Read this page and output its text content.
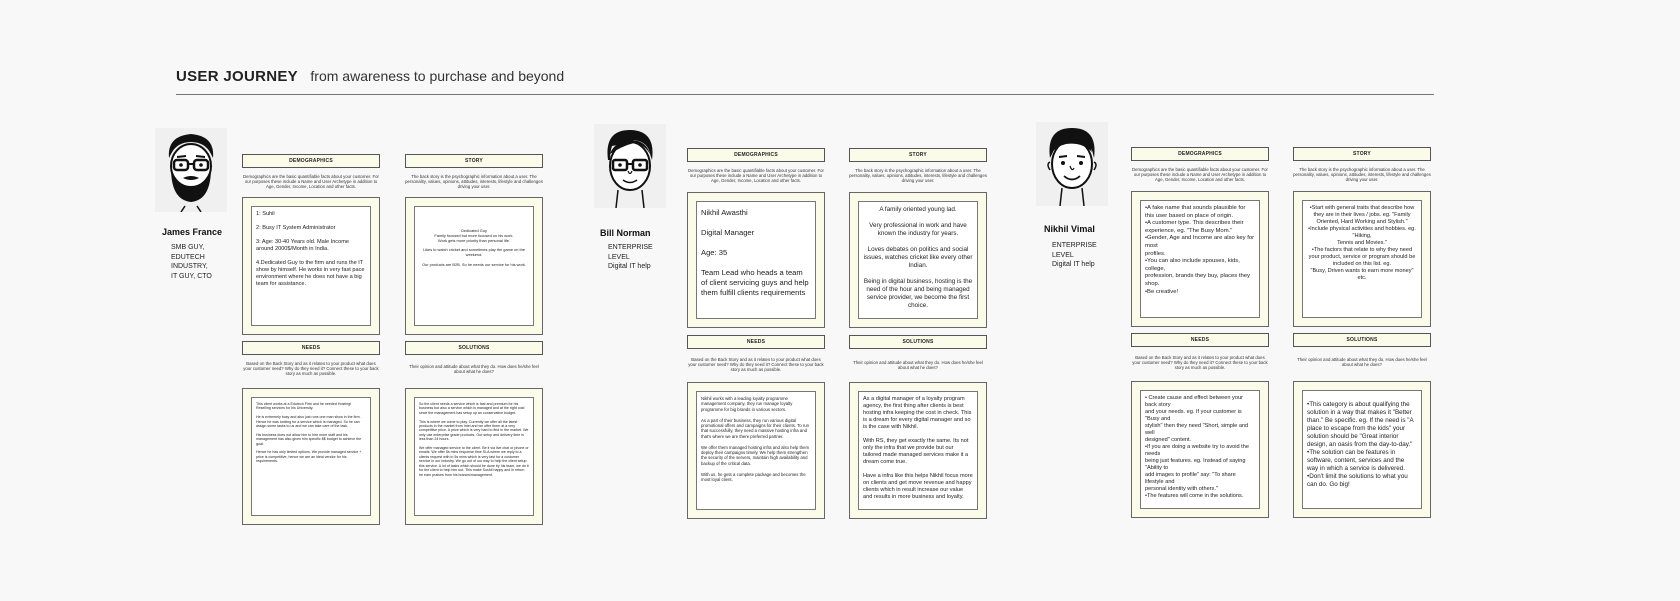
USER JOURNEY from awareness to purchase and beyond
James France
SMB GUY,
EDUTECH
INDUSTRY,
IT GUY, CTO
DEMOGRAPHICS
Demographics are the basic quantifiable facts about your customer. For our purposes these include a Name and User Archetype in addition to Age, Gender, Income, Location and other facts.
1: Suhil

2: Busy IT System Administrator

3: Age: 30-40 Years old. Male Income around 2000$/Month in India.

4.Dedicated Guy to the firm and runs the IT show by himself. He works in very fast pace environment where he does not have a big team for assistance.
STORY
The back story is the psychographic information about a user. The personality, values, opinions, attitudes, interests, lifestyle and challenges driving your user.
Dedicated Guy
Family focused but more focused on his work.
Work gets more priority than personal life.

Likes to watch cricket and sometimes play the game on the weekend.

Our products are B2B. So he needs our service for his work.
NEEDS
Based on the Back Story and as it relates to your product what does your customer need? Why do they need it? Connect these to your back story as much as possible.
This client works at a Edutech Firm and he needed Hosting/ Reselling services for his University.

He is extremely busy and also just runs one man show in the firm. Hence he was looking for a service which is managed. So he can assign some tasks to us and we can take care of the task.

His business does not allow him to hire more staff and his management has also given him specific $$ budget to achieve the goal.

Hence he has only limited options. We provide managed service + price is competitive, hence we are an ideal vendor for his requirements.
SOLUTIONS
Their opinion and attitude about what they do. How does he/she feel about what he does?
So the client needs a service which is fast and premium for his business but also a service which is managed and at the right cost since the management has setup up an conservative budget.

This is where we come to play. Currently we offer all the latest products in the market from Intel and we offer them at a very competitive price. A price which is very hard to find in the market. We only use enterprise grade products. Our setup and delivery time is less than 24 hours.

We offer managed service to the client. Be it via live chat or phone or emails. We offer 5s mins response time SLA where we reply to a clients request with in 5s mins which is very fast for a customer service in our industry. We go out of our way to help the client setup this service. A lot of tasks which should be done by his team, we do it for the client to help him out. This make Sushil happy and in return he earn praises from his bosses/management.
Bill Norman
ENTERPRISE
LEVEL
Digital IT help
DEMOGRAPHICS
Demographics are the basic quantifiable facts about your customer. For our purposes these include a Name and User Archetype in addition to Age, Gender, Income, Location and other facts.
Nikhil Awasthi

Digital Manager

Age: 35

Team Lead who heads a team of client servicing guys and help them fulfill clients requirements
STORY
The back story is the psychographic information about a user. The personality, values, opinions, attitudes, interests, lifestyle and challenges driving your user.
A family oriented young lad.

Very professional in work and have known the industry for years.

Loves debates on politics and social issues, watches cricket like every other Indian.

Being in digital business, hosting is the need of the hour and being managed service provider, we become the first choice.
NEEDS
Based on the Back Story and as it relates to your product what does your customer need? Why do they need it? Connect these to your back story as much as possible.
Nikhil works with a leading loyalty programme management company, they run manage loyalty programme for big brands in various sectors.

As a part of their business, they run various digital promotional offers and campaigns for their clients. To run that successfully, they need a massive hosting infra and that's where we are there preferred partner.

We offer them managed hosting infra and also help them deploy their campaigns timely. We help them strengthen the security of the servers, maintain high availability and backup of the critical data.

With us, he gets a complete package and becomes the most loyal client.
SOLUTIONS
Their opinion and attitude about what they do. How does he/she feel about what he does?
As a digital manager of a loyalty program agency, the first thing after clients is best hosting infra keeping the cost in check. This is a dream for every digital manager and so is the case with Nikhil.

With RS, they get exactly the same. Its not only the infra that we provide but our tailored made managed services make it a dream come true.

Have a infra like this helps Nikhil focus more on clients and get move revenue and happy clients which in result increase our value and results in more business and loyalty.
Nikhil Vimal
ENTERPRISE
LEVEL
Digital IT help
DEMOGRAPHICS
Demographics are the basic quantifiable facts about your customer. For our purposes these include a Name and User Archetype in addition to Age, Gender, Income, Location and other facts.
•A fake name that sounds plausible for this user based on place of origin.
•A customer type. This describes their experience, eg. "The Busy Mom."
•Gender, Age and Income are also key for most
profiles.
•You can also include spouses, kids, college,
profession, brands they buy, places they shop.
•Be creative!
STORY
The back story is the psychographic information about a user. The personality, values, opinions, attitudes, interests, lifestyle and challenges driving your user.
•Start with general traits that describe how they are in their lives / jobs. eg. "Family Oriented, Hard Working and Stylish."
•Include physical activities and hobbies. eg. "Hiking,
Tennis and Movies."
•The factors that relate to why they need your product, service or program should be included on this list. eg.
"Busy, Driven wants to earn more money" etc.
NEEDS
Based on the Back Story and as it relates to your product what does your customer need? Why do they need it? Connect these to your back story as much as possible.
• Create cause and effect between your back story
and your needs. eg. If your customer is "Busy and
stylish" then they need "Short, simple and well
designed" content.
•If you are doing a website try to avoid the needs
being just features. eg. Instead of saying "Ability to
add images to profile" say: "To share lifestyle and
personal identity with others."
•The features will come in the solutions.
SOLUTIONS
Their opinion and attitude about what they do. How does he/she feel about what he does?
•This category is about qualifying the solution in a way that makes it "Better than." Be specific. eg. If the need is "A place to escape from the kids" your solution should be "Great interior design, an oasis from the day-to-day."
•The solution can be features in software, content, services and the way in which a service is delivered.
•Don't limit the solutions to what you can do. Go big!
